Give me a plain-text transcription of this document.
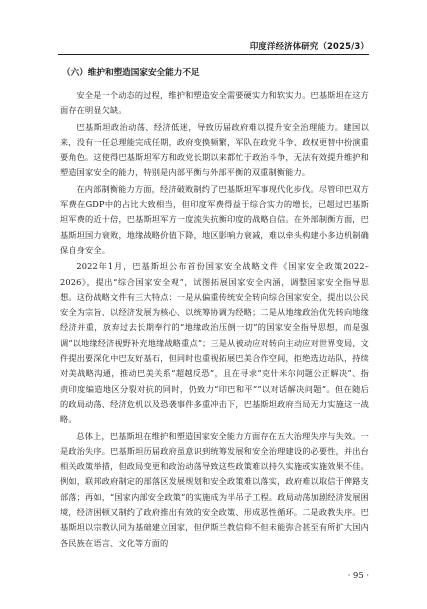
印度洋经济体研究（2025/3）
（六）维护和塑造国家安全能力不足

安全是一个动态的过程，维护和塑造安全需要硬实力和软实力。巴基斯坦在这方面存在明显欠缺。

巴基斯坦政治动荡、经济低迷，导致历届政府难以提升安全治理能力。建国以来，没有一任总理能完成任期，政府变换频繁，军队在政党斗争、政权更替中扮演重要角色。这使得巴基斯坦军方和政党长期以来都忙于政治斗争，无法有效提升维护和塑造国家安全的能力，特别是内部平衡与外部平衡的双重制衡能力。

在内部制衡能力方面，经济破败制约了巴基斯坦军事现代化步伐。尽管印巴双方军费在GDP中的占比大致相当，但印度军费得益于综合实力的增长，已超过巴基斯坦军费的近十倍，巴基斯坦军方一度流失抗衡印度的战略自信。在外部制衡方面，巴基斯坦国力衰败，地缘战略价值下降，地区影响力衰减，难以牵头构建小多边机制确保自身安全。

2022年1月，巴基斯坦公布首份国家安全战略文件《国家安全政策2022–2026》，提出“综合国家安全观”，试图拓展国家安全内涵，调整国家安全指导思想。这份战略文件有三大特点：一是从偏重传统安全转向综合国家安全，提出以公民安全为宗旨、以经济发展为核心、以统筹协调为经略；二是从地缘政治优先转向地缘经济并重，放弃过去长期奉行的“地缘政治压倒一切”的国家安全指导思想，而是强调“以地缘经济视野补充地缘战略重点”；三是从被动应对转向主动应对世界变局，文件提出要深化中巴友好基石，但同时也重视拓展巴美合作空间，拒绝选边站队，持续对美战略沟通，推动巴美关系“超越反恐”，且在寻求“克什米尔问题公正解决”、指责印度编造地区分裂对抗的同时，仍致力“印巴和平”“以对话解决问题”。但在随后的政局动荡、经济危机以及恐袭事件多重冲击下，巴基斯坦政府当局无力实施这一战略。

总体上，巴基斯坦在维护和塑造国家安全能力方面存在五大治理失序与失效。一是政治失序。巴基斯坦历届政府虽意识到统筹发展和安全治理建设的必要性，并出台相关政策举措，但政局变更和政治动荡导致这些政策难以持久实施或实施效果不佳。例如，联邦政府制定的部落区发展规划和安全政策难以落实，政府难以取信于俾路支部落；再如，“国家内部安全政策”的实施成为半吊子工程。政局动荡加剧经济发展困境，经济困顿又制约了政府推出有效的安全政策、形成恶性循环。二是政教失序。巴基斯坦以宗教认同为基础建立国家，但伊斯兰教信仰不但未能弥合甚至有所扩大国内各民族在语言、文化等方面的

· 95 ·
